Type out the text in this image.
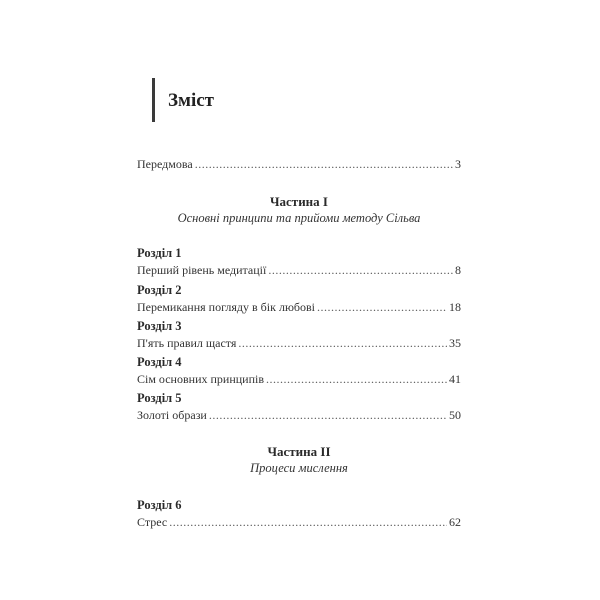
Зміст
Передмова .....	3
Частина I
Основні принципи та прийоми методу Сільва
Розділ 1
Перший рівень медитації .....	8
Розділ 2
Перемикання погляду в бік любові .....	18
Розділ 3
П'ять правил щастя .....	35
Розділ 4
Сім основних принципів .....	41
Розділ 5
Золоті образи .....	50
Частина II
Процеси мислення
Розділ 6
Стрес .....	62
